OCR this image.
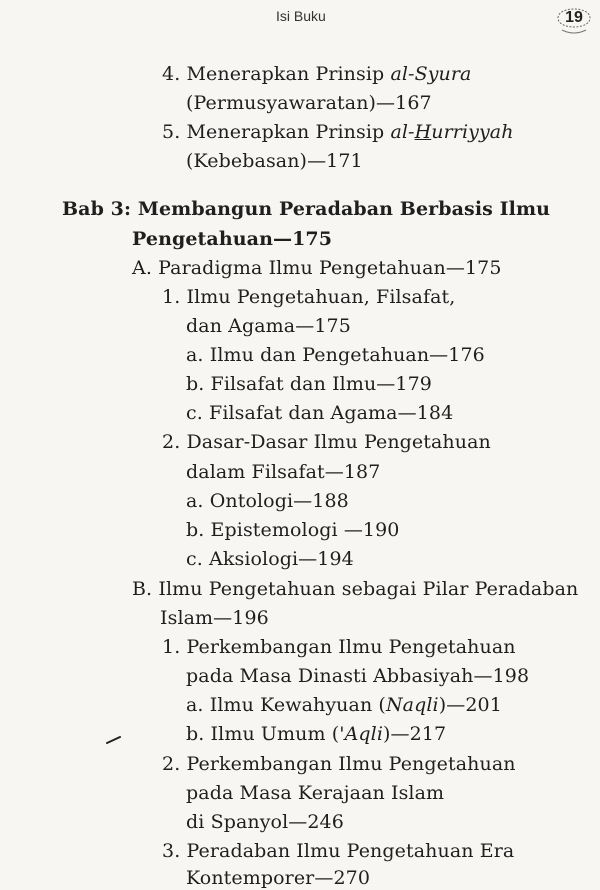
Isi Buku	19
4. Menerapkan Prinsip al-Syura
(Permusyawaratan)—167
5. Menerapkan Prinsip al-Hurriyyah
(Kebebasan)—171
Bab 3: Membangun Peradaban Berbasis Ilmu
Pengetahuan—175
A. Paradigma Ilmu Pengetahuan—175
1. Ilmu Pengetahuan, Filsafat,
dan Agama—175
a. Ilmu dan Pengetahuan—176
b. Filsafat dan Ilmu—179
c. Filsafat dan Agama—184
2. Dasar-Dasar Ilmu Pengetahuan
dalam Filsafat—187
a. Ontologi—188
b. Epistemologi —190
c. Aksiologi—194
B. Ilmu Pengetahuan sebagai Pilar Peradaban
Islam—196
1. Perkembangan Ilmu Pengetahuan
pada Masa Dinasti Abbasiyah—198
a. Ilmu Kewahyuan (Naqli)—201
b. Ilmu Umum ('Aqli)—217
2. Perkembangan Ilmu Pengetahuan
pada Masa Kerajaan Islam
di Spanyol—246
3. Peradaban Ilmu Pengetahuan Era
Kontemporer—270
